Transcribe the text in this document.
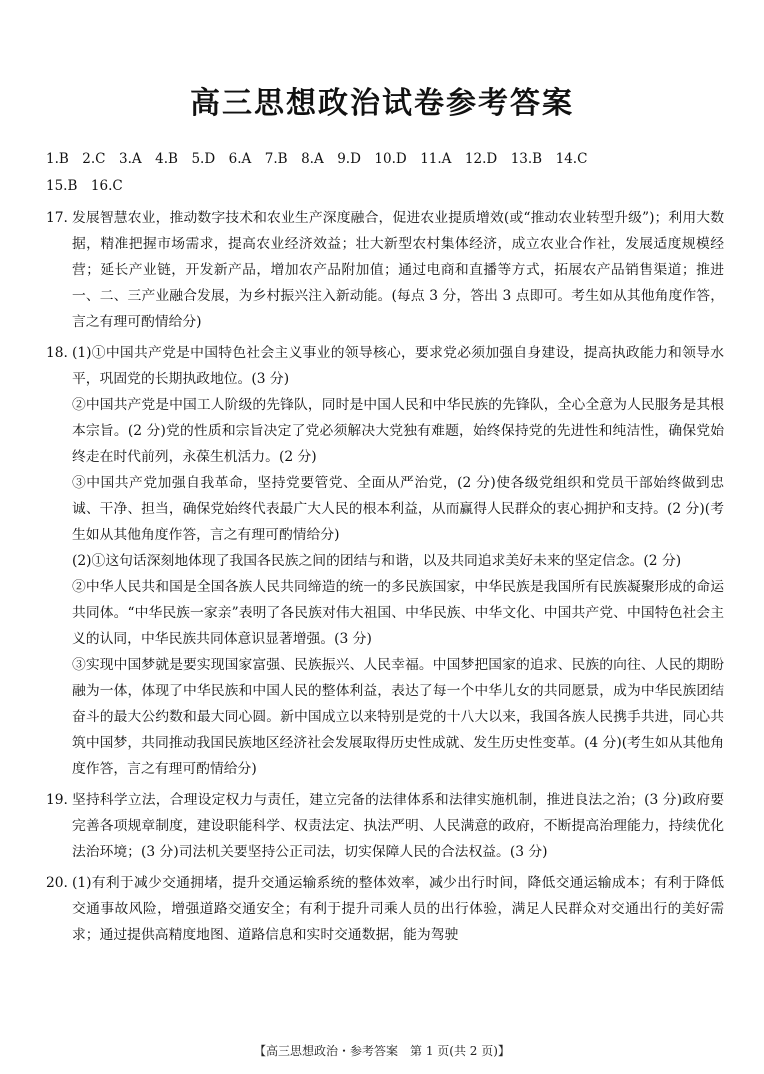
高三思想政治试卷参考答案
1.B　2.C　3.A　4.B　5.D　6.A　7.B　8.A　9.D　10.D　11.A　12.D　13.B　14.C
15.B　16.C
17. 发展智慧农业，推动数字技术和农业生产深度融合，促进农业提质增效(或“推动农业转型升级”)；利用大数据，精准把握市场需求，提高农业经济效益；壮大新型农村集体经济，成立农业合作社，发展适度规模经营；延长产业链，开发新产品，增加农产品附加值；通过电商和直播等方式，拓展农产品销售渠道；推进一、二、三产业融合发展，为乡村振兴注入新动能。(每点 3 分，答出 3 点即可。考生如从其他角度作答，言之有理可酌情给分)

18. (1)①中国共产党是中国特色社会主义事业的领导核心，要求党必须加强自身建设，提高执政能力和领导水平，巩固党的长期执政地位。(3 分)

②中国共产党是中国工人阶级的先锋队，同时是中国人民和中华民族的先锋队，全心全意为人民服务是其根本宗旨。(2 分)党的性质和宗旨决定了党必须解决大党独有难题，始终保持党的先进性和纯洁性，确保党始终走在时代前列，永葆生机活力。(2 分)

③中国共产党加强自我革命，坚持党要管党、全面从严治党，(2 分)使各级党组织和党员干部始终做到忠诚、干净、担当，确保党始终代表最广大人民的根本利益，从而赢得人民群众的衷心拥护和支持。(2 分)(考生如从其他角度作答，言之有理可酌情给分)

(2)①这句话深刻地体现了我国各民族之间的团结与和谐，以及共同追求美好未来的坚定信念。(2 分)

②中华人民共和国是全国各族人民共同缔造的统一的多民族国家，中华民族是我国所有民族凝聚形成的命运共同体。“中华民族一家亲”表明了各民族对伟大祖国、中华民族、中华文化、中国共产党、中国特色社会主义的认同，中华民族共同体意识显著增强。(3 分)

③实现中国梦就是要实现国家富强、民族振兴、人民幸福。中国梦把国家的追求、民族的向往、人民的期盼融为一体，体现了中华民族和中国人民的整体利益，表达了每一个中华儿女的共同愿景，成为中华民族团结奋斗的最大公约数和最大同心圆。新中国成立以来特别是党的十八大以来，我国各族人民携手共进，同心共筑中国梦，共同推动我国民族地区经济社会发展取得历史性成就、发生历史性变革。(4 分)(考生如从其他角度作答，言之有理可酌情给分)

19. 坚持科学立法，合理设定权力与责任，建立完备的法律体系和法律实施机制，推进良法之治；(3 分)政府要完善各项规章制度，建设职能科学、权责法定、执法严明、人民满意的政府，不断提高治理能力，持续优化法治环境；(3 分)司法机关要坚持公正司法，切实保障人民的合法权益。(3 分)

20. (1)有利于减少交通拥堵，提升交通运输系统的整体效率，减少出行时间，降低交通运输成本；有利于降低交通事故风险，增强道路交通安全；有利于提升司乘人员的出行体验，满足人民群众对交通出行的美好需求；通过提供高精度地图、道路信息和实时交通数据，能为驾驶

【高三思想政治・参考答案　第 1 页(共 2 页)】
